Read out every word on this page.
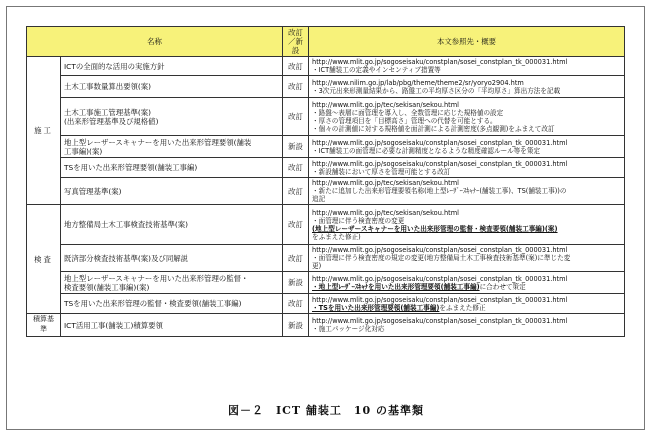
名称		改訂／新設	本文参照先・概要
施工	ICTの全面的な活用の実施方針	改訂	http://www.mlit.go.jp/sogoseisaku/constplan/sosei_constplan_tk_000031.html
・ICT舗装工の定義やインセンティブ措置等

	土木工事数量算出要領(案)	改訂	http://www.nilim.go.jp/lab/pbg/theme/theme2/sr/yoryo2904.htm
・3次元出来形測量結果から、路盤工の平均厚さ区分の「平均厚さ」算出方法を記載

	土木工事施工管理基準(案)
(出来形管理基準及び規格値)	改訂	http://www.mlit.go.jp/tec/sekisan/sekou.html
・路盤～表層に面管理を導入し、全数管理に応じた規格値の設定
・厚さの管理項目を「目標高さ」管理への代替を可能とする。
・個々の計測値に対する規格値を面計測による計測密度(多点観測)をふまえて改訂

	地上型レーザースキャナーを用いた出来形管理要領(舗装
工事編)(案)	新設	http://www.mlit.go.jp/sogoseisaku/constplan/sosei_constplan_tk_000031.html
・ICT舗装工の面管理に必要な計測精度となるような精度確認ルール等を策定

	TSを用いた出来形管理要領(舗装工事編)	改訂	http://www.mlit.go.jp/sogoseisaku/constplan/sosei_constplan_tk_000031.html
・新設舗装において厚さを管理可能とする改訂

	写真管理基準(案)	改訂	http://www.mlit.go.jp/tec/sekisan/sekou.html
・新たに追加した出来形管理要領名称(地上型ﾚｰｻﾞｰｽｷｬﾅｰ(舗装工事)、TS(舗装工事))の
追記

検査	地方整備局土木工事検査技術基準(案)	改訂	http://www.mlit.go.jp/tec/sekisan/sekou.html
・面管理に伴う検査密度の変更
(地上型レーザースキャナーを用いた出来形管理の監督・検査要領(舗装工事編)(案)
をふまえた修正)

	既済部分検査技術基準(案)及び同解説	改訂	http://www.mlit.go.jp/sogoseisaku/constplan/sosei_constplan_tk_000031.html
・面管理に伴う検査密度の規定の変更(地方整備局土木工事検査技術基準(案)に準じた変
更)

	地上型レーザースキャナーを用いた出来形管理の監督・
検査要領(舗装工事編)(案)	新設	http://www.mlit.go.jp/sogoseisaku/constplan/sosei_constplan_tk_000031.html
・地上型ﾚｰｻﾞｰｽｷｬﾅを用いた出来形管理要領(舗装工事編)に合わせて策定

	TSを用いた出来形管理の監督・検査要領(舗装工事編)	改訂	http://www.mlit.go.jp/sogoseisaku/constplan/sosei_constplan_tk_000031.html
・TSを用いた出来形管理要領(舗装工事編)をふまえた修正

積算基準	ICT活用工事(舗装工)積算要領	新設	http://www.mlit.go.jp/sogoseisaku/constplan/sosei_constplan_tk_000031.html
・施工パッケージ化対応
図－２　ICT 舗装工　10 の基準類
